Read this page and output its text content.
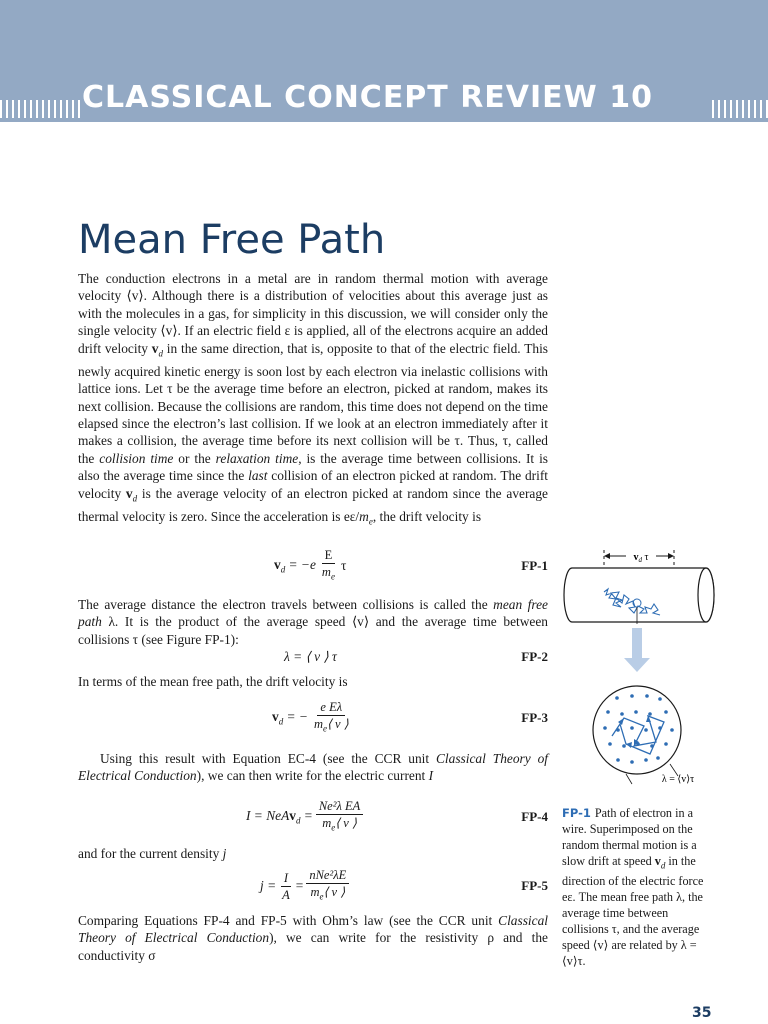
CLASSICAL CONCEPT REVIEW 10
Mean Free Path

The conduction electrons in a metal are in random thermal motion with average velocity ⟨v⟩. Although there is a distribution of velocities about this average just as with the molecules in a gas, for simplicity in this discussion, we will consider only the single velocity ⟨v⟩. If an electric field ε is applied, all of the electrons acquire an added drift velocity $v_d$ in the same direction, that is, opposite to that of the electric field. This newly acquired kinetic energy is soon lost by each electron via inelastic collisions with lattice ions. Let τ be the average time before an electron, picked at random, makes its next collision. Because the collisions are random, this time does not depend on the time elapsed since the electron’s last collision. If we look at an electron immediately after it makes a collision, the average time before its next collision will be τ. Thus, τ, called the collision time or the relaxation time, is the average time between collisions. It is also the average time since the last collision of an electron picked at random. The drift velocity $v_d$ is the average velocity of an electron picked at random since the average thermal velocity is zero. Since the acceleration is $e\varepsilon/m_e$, the drift velocity is

$v_d = -e \frac{E}{m_e}$ τ	FP-1

The average distance the electron travels between collisions is called the mean free path λ. It is the product of the average speed ⟨v⟩ and the average time between collisions τ (see Figure FP-1):

λ = ⟨ v ⟩ τ	FP-2

In terms of the mean free path, the drift velocity is

$v_d$ = − $\frac{\text{e Eλ}}{m_e⟨ v ⟩}$	FP-3

Using this result with Equation EC-4 (see the CCR unit Classical Theory of Electrical Conduction), we can then write for the electric current I

I = NeAv$_d$ = $\frac{\text{Ne²λ EA}}{m_e⟨ v ⟩}$	FP-4

and for the current density j

$j = \frac{I}{A} = \frac{\text{nNe²λE}}{m_e⟨ v ⟩}$	FP-5

Comparing Equations FP-4 and FP-5 with Ohm’s law (see the CCR unit Classical Theory of Electrical Conduction), we can write for the resistivity ρ and the conductivity σ

$v_d$ τ
λ = ⟨v⟩τ

FP-1 Path of electron in a wire. Superimposed on the random thermal motion is a slow drift at speed $v_d$ in the direction of the electric force eε. The mean free path λ, the average time between collisions τ, and the average speed ⟨v⟩ are related by λ = ⟨v⟩τ.

35
